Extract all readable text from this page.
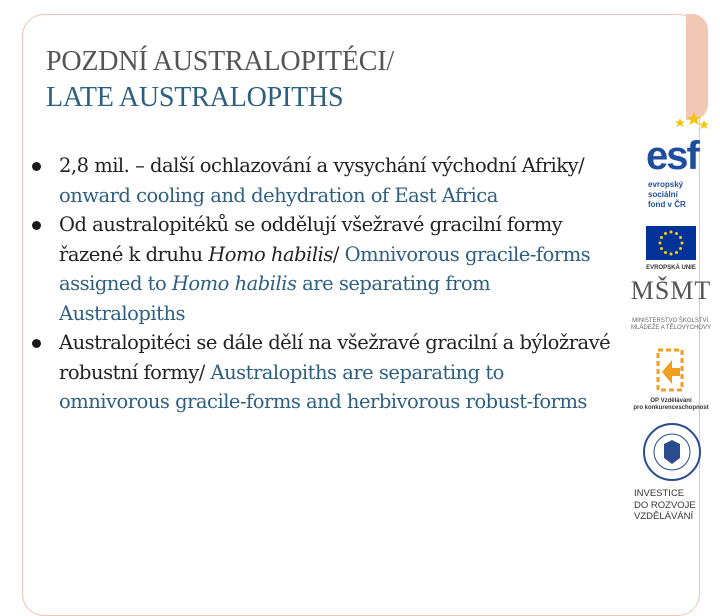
POZDNÍ AUSTRALOPITÉCI/
LATE AUSTRALOPITHS
2,8 mil. – další ochlazování a vysychání východní Afriky/ onward cooling and dehydration of East Africa
Od australopitéků se oddělují všežravé gracilní formy řazené k druhu Homo habilis/ Omnivorous gracile-forms assigned to Homo habilis are separating from Australopiths
Australopitéci se dále dělí na všežravé gracilní a býložravé robustní formy/ Australopiths are separating to omnivorous gracile-forms and herbivorous robust-forms
esf
evropský
sociální
fond v ČR
EVROPSKÁ UNIE
MŠMT
MINISTERSTVO ŠKOLSTVÍ,
MLÁDEŽE A TĚLOVÝCHOVY
OP Vzdělávání
pro konkurenceschopnost
INVESTICE
DO ROZVOJE
VZDĚLÁVÁNÍ
